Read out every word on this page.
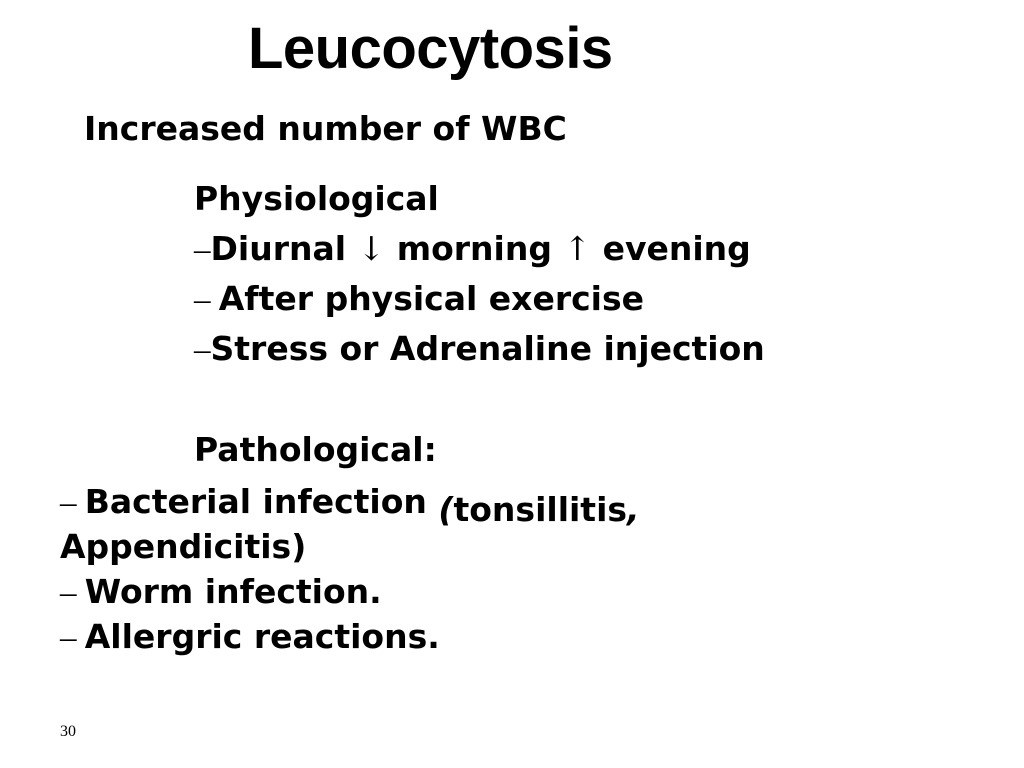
Leucocytosis
Increased number of WBC
Physiological
–Diurnal ↓ morning ↑ evening
– After physical exercise
–Stress or Adrenaline injection
Pathological:
– Bacterial infection (tonsillitis,
Appendicitis)
– Worm infection.
– Allergric reactions.
30
